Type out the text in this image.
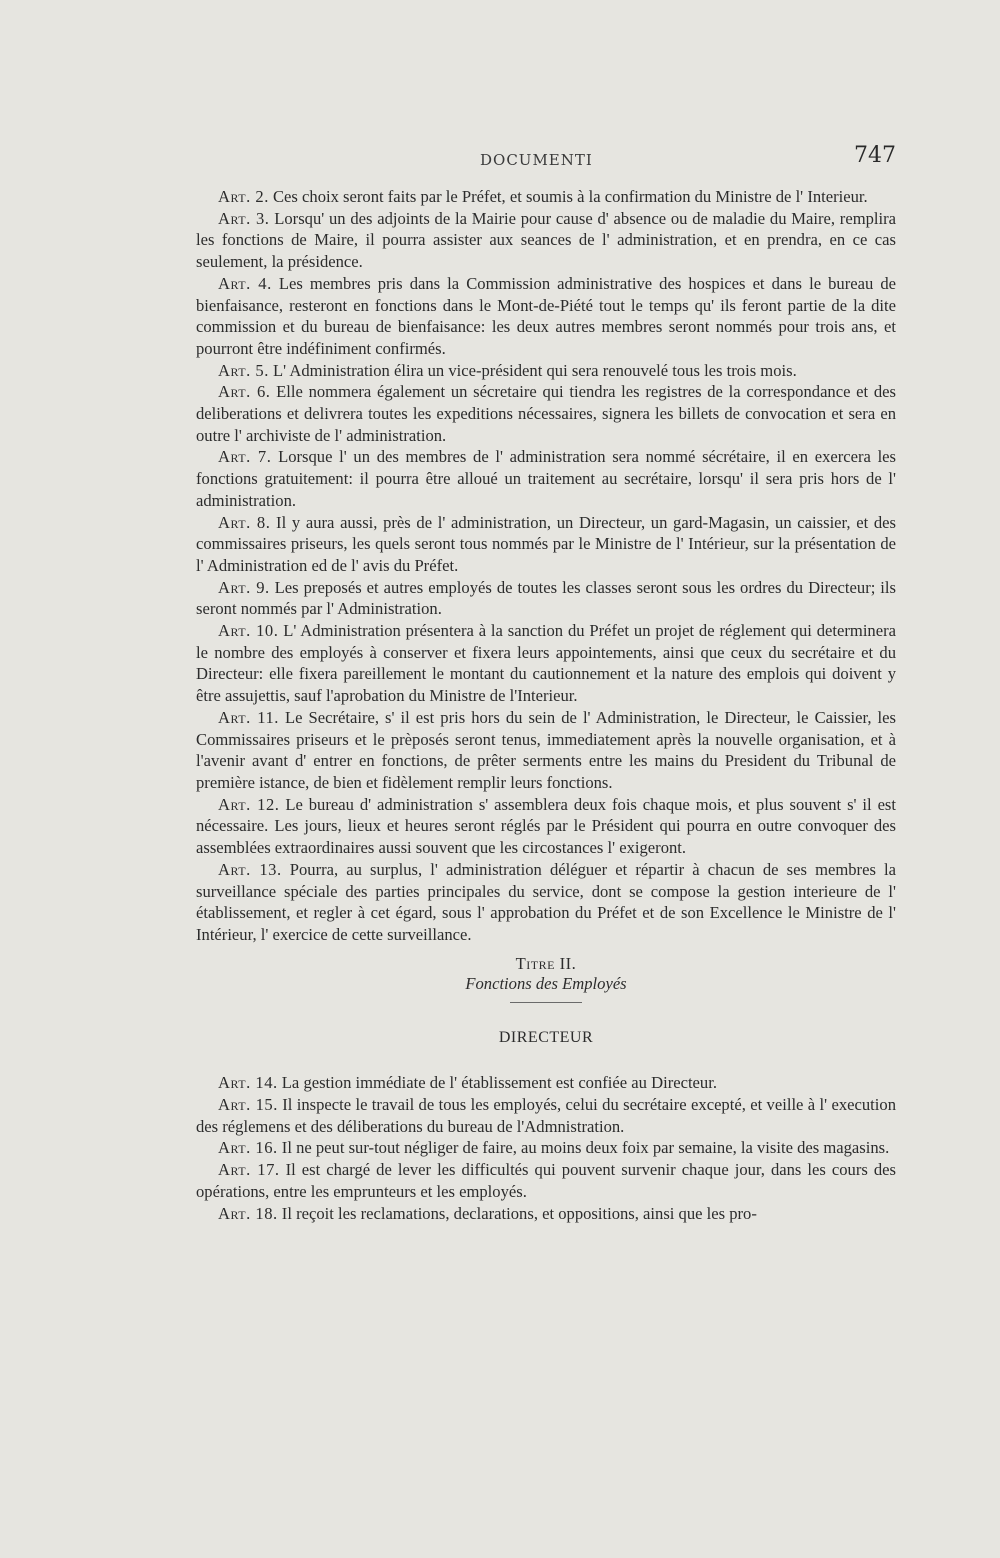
DOCUMENTI	747

Art. 2. Ces choix seront faits par le Préfet, et soumis à la confirmation du Ministre de l' Interieur.

Art. 3. Lorsqu' un des adjoints de la Mairie pour cause d' absence ou de maladie du Maire, remplira les fonctions de Maire, il pourra assister aux seances de l' administration, et en prendra, en ce cas seulement, la présidence.

Art. 4. Les membres pris dans la Commission administrative des hospices et dans le bureau de bienfaisance, resteront en fonctions dans le Mont-de-Piété tout le temps qu' ils feront partie de la dite commission et du bureau de bienfaisance: les deux autres membres seront nommés pour trois ans, et pourront être indéfiniment confirmés.

Art. 5. L' Administration élira un vice-président qui sera renouvelé tous les trois mois.

Art. 6. Elle nommera également un sécretaire qui tiendra les registres de la correspondance et des deliberations et delivrera toutes les expeditions nécessaires, signera les billets de convocation et sera en outre l' archiviste de l' administration.

Art. 7. Lorsque l' un des membres de l' administration sera nommé sécrétaire, il en exercera les fonctions gratuitement: il pourra être alloué un traitement au secrétaire, lorsqu' il sera pris hors de l' administration.

Art. 8. Il y aura aussi, près de l' administration, un Directeur, un gard-Magasin, un caissier, et des commissaires priseurs, les quels seront tous nommés par le Ministre de l' Intérieur, sur la présentation de l' Administration ed de l' avis du Préfet.

Art. 9. Les preposés et autres employés de toutes les classes seront sous les ordres du Directeur; ils seront nommés par l' Administration.

Art. 10. L' Administration présentera à la sanction du Préfet un projet de réglement qui determinera le nombre des employés à conserver et fixera leurs appointements, ainsi que ceux du secrétaire et du Directeur: elle fixera pareillement le montant du cautionnement et la nature des emplois qui doivent y être assujettis, sauf l'aprobation du Ministre de l'Interieur.

Art. 11. Le Secrétaire, s' il est pris hors du sein de l' Administration, le Directeur, le Caissier, les Commissaires priseurs et le prèposés seront tenus, immediatement après la nouvelle organisation, et à l'avenir avant d' entrer en fonctions, de prêter serments entre les mains du President du Tribunal de première istance, de bien et fidèlement remplir leurs fonctions.

Art. 12. Le bureau d' administration s' assemblera deux fois chaque mois, et plus souvent s' il est nécessaire. Les jours, lieux et heures seront réglés par le Président qui pourra en outre convoquer des assemblées extraordinaires aussi souvent que les circostances l' exigeront.

Art. 13. Pourra, au surplus, l' administration déléguer et répartir à chacun de ses membres la surveillance spéciale des parties principales du service, dont se compose la gestion interieure de l' établissement, et regler à cet égard, sous l' approbation du Préfet et de son Excellence le Ministre de l' Intérieur, l' exercice de cette surveillance.

Titre II.
Fonctions des Employés
DIRECTEUR

Art. 14. La gestion immédiate de l' établissement est confiée au Directeur.

Art. 15. Il inspecte le travail de tous les employés, celui du secrétaire excepté, et veille à l' execution des réglemens et des déliberations du bureau de l'Admnistration.

Art. 16. Il ne peut sur-tout négliger de faire, au moins deux foix par semaine, la visite des magasins.

Art. 17. Il est chargé de lever les difficultés qui pouvent survenir chaque jour, dans les cours des opérations, entre les emprunteurs et les employés.

Art. 18. Il reçoit les reclamations, declarations, et oppositions, ainsi que les pro-
